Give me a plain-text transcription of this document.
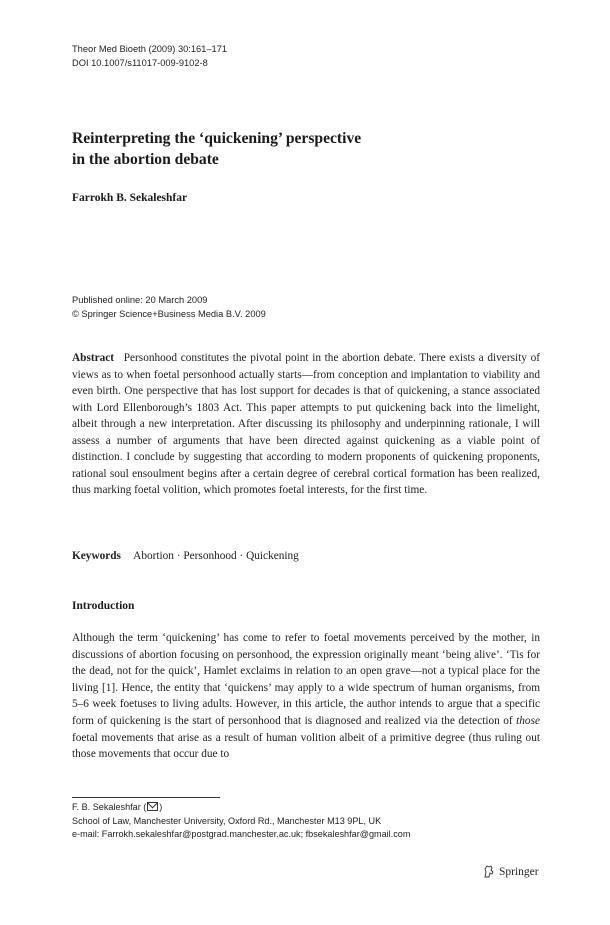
Theor Med Bioeth (2009) 30:161–171
DOI 10.1007/s11017-009-9102-8
Reinterpreting the ‘quickening’ perspective
in the abortion debate
Farrokh B. Sekaleshfar
Published online: 20 March 2009
© Springer Science+Business Media B.V. 2009
Abstract Personhood constitutes the pivotal point in the abortion debate. There exists a diversity of views as to when foetal personhood actually starts—from conception and implantation to viability and even birth. One perspective that has lost support for decades is that of quickening, a stance associated with Lord Ellenborough’s 1803 Act. This paper attempts to put quickening back into the limelight, albeit through a new interpretation. After discussing its philosophy and underpinning rationale, I will assess a number of arguments that have been directed against quickening as a viable point of distinction. I conclude by suggesting that according to modern proponents of quickening proponents, rational soul ensoulment begins after a certain degree of cerebral cortical formation has been realized, thus marking foetal volition, which promotes foetal interests, for the first time.
Keywords Abortion · Personhood · Quickening
Introduction
Although the term ‘quickening’ has come to refer to foetal movements perceived by the mother, in discussions of abortion focusing on personhood, the expression originally meant ‘being alive’. ‘Tis for the dead, not for the quick’, Hamlet exclaims in relation to an open grave—not a typical place for the living [1]. Hence, the entity that ‘quickens’ may apply to a wide spectrum of human organisms, from 5–6 week foetuses to living adults. However, in this article, the author intends to argue that a specific form of quickening is the start of personhood that is diagnosed and realized via the detection of those foetal movements that arise as a result of human volition albeit of a primitive degree (thus ruling out those movements that occur due to
F. B. Sekaleshfar ( )
School of Law, Manchester University, Oxford Rd., Manchester M13 9PL, UK
e-mail: Farrokh.sekaleshfar@postgrad.manchester.ac.uk; fbsekaleshfar@gmail.com
Springer
